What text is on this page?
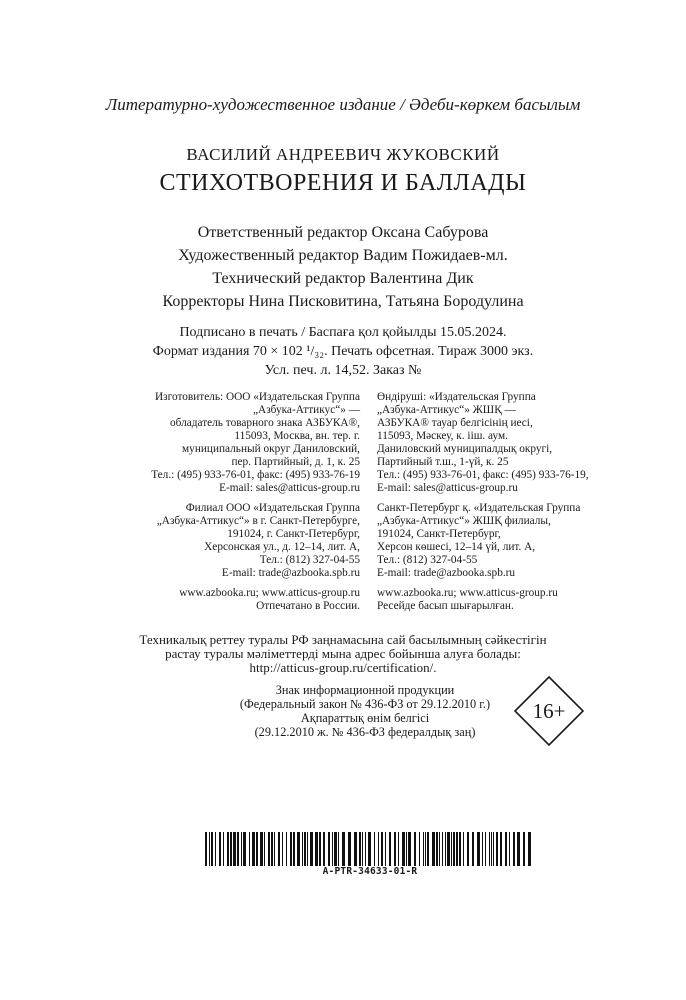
Литературно-художественное издание / Әдеби-көркем басылым
ВАСИЛИЙ АНДРЕЕВИЧ ЖУКОВСКИЙ
СТИХОТВОРЕНИЯ И БАЛЛАДЫ
Ответственный редактор Оксана Сабурова
Художественный редактор Вадим Пожидаев-мл.
Технический редактор Валентина Дик
Корректоры Нина Писковитина, Татьяна Бородулина
Подписано в печать / Баспаға қол қойылды 15.05.2024.
Формат издания 70 × 102 ¹/₃₂. Печать офсетная. Тираж 3000 экз.
Усл. печ. л. 14,52. Заказ №
Изготовитель: ООО «Издательская Группа
„Азбука-Аттикус“» —
обладатель товарного знака АЗБУКА®,
115093, Москва, вн. тер. г.
муниципальный округ Даниловский,
пер. Партийный, д. 1, к. 25
Тел.: (495) 933-76-01, факс: (495) 933-76-19
E-mail: sales@atticus-group.ru
Филиал ООО «Издательская Группа
„Азбука-Аттикус“» в г. Санкт-Петербурге,
191024, г. Санкт-Петербург,
Херсонская ул., д. 12–14, лит. А,
Тел.: (812) 327-04-55
E-mail: trade@azbooka.spb.ru
www.azbooka.ru; www.atticus-group.ru
Отпечатано в России.
Өндіруші: «Издательская Группа
„Азбука-Аттикус“» ЖШҚ —
АЗБУКА® тауар белгісінің иесі,
115093, Мәскеу, к. ііш. аум.
Даниловский муниципалдық округі,
Партийный т.ш., 1-үй, к. 25
Тел.: (495) 933-76-01, факс: (495) 933-76-19,
E-mail: sales@atticus-group.ru
Санкт-Петербург қ. «Издательская Группа
„Азбука-Аттикус“» ЖШҚ филиалы,
191024, Санкт-Петербург,
Херсон көшесі, 12–14 үй, лит. А,
Тел.: (812) 327-04-55
E-mail: trade@azbooka.spb.ru
www.azbooka.ru; www.atticus-group.ru
Ресейде басып шығарылған.
Техникалық реттеу туралы РФ заңнамасына сай басылымның сәйкестігін
растау туралы мәліметтерді мына адрес бойынша алуға болады:
http://atticus-group.ru/certification/.
Знак информационной продукции
(Федеральный закон № 436-ФЗ от 29.12.2010 г.)
Ақпараттық өнім белгісі
(29.12.2010 ж. № 436-ФЗ федералдық заң)
16+
A-PTR-34633-01-R
